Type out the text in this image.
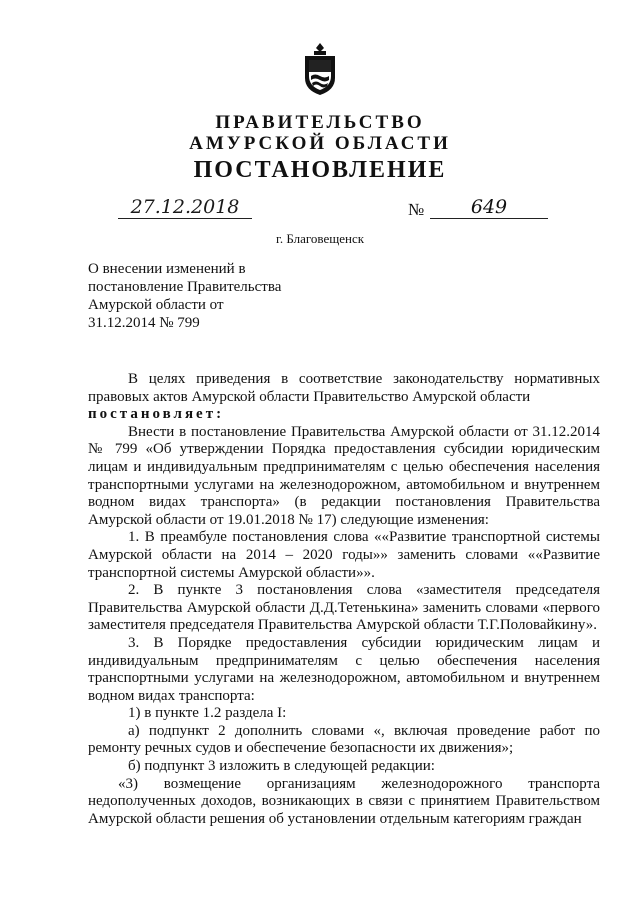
ПРАВИТЕЛЬСТВО
АМУРСКОЙ ОБЛАСТИ
ПОСТАНОВЛЕНИЕ
27.12.2018	№	649
г. Благовещенск
О внесении изменений в
постановление Правительства
Амурской области от
31.12.2014 № 799

В целях приведения в соответствие законодательству нормативных правовых актов Амурской области Правительство Амурской области

постановляет:

Внести в постановление Правительства Амурской области от 31.12.2014 № 799 «Об утверждении Порядка предоставления субсидии юридическим лицам и индивидуальным предпринимателям с целью обеспечения населения транспортными услугами на железнодорожном, автомобильном и внутреннем водном видах транспорта» (в редакции постановления Правительства Амурской области от 19.01.2018 № 17) следующие изменения:

1. В преамбуле постановления слова ««Развитие транспортной системы Амурской области на 2014 – 2020 годы»» заменить словами ««Развитие транспортной системы Амурской области»».

2. В пункте 3 постановления слова «заместителя председателя Правительства Амурской области Д.Д.Тетенькина» заменить словами «первого заместителя председателя Правительства Амурской области Т.Г.Половайкину».

3. В Порядке предоставления субсидии юридическим лицам и индивидуальным предпринимателям с целью обеспечения населения транспортными услугами на железнодорожном, автомобильном и внутреннем водном видах транспорта:

1) в пункте 1.2 раздела I:

а) подпункт 2 дополнить словами «, включая проведение работ по ремонту речных судов и обеспечение безопасности их движения»;

б) подпункт 3 изложить в следующей редакции:

«3) возмещение организациям железнодорожного транспорта недополученных доходов, возникающих в связи с принятием Правительством Амурской области решения об установлении отдельным категориям граждан
